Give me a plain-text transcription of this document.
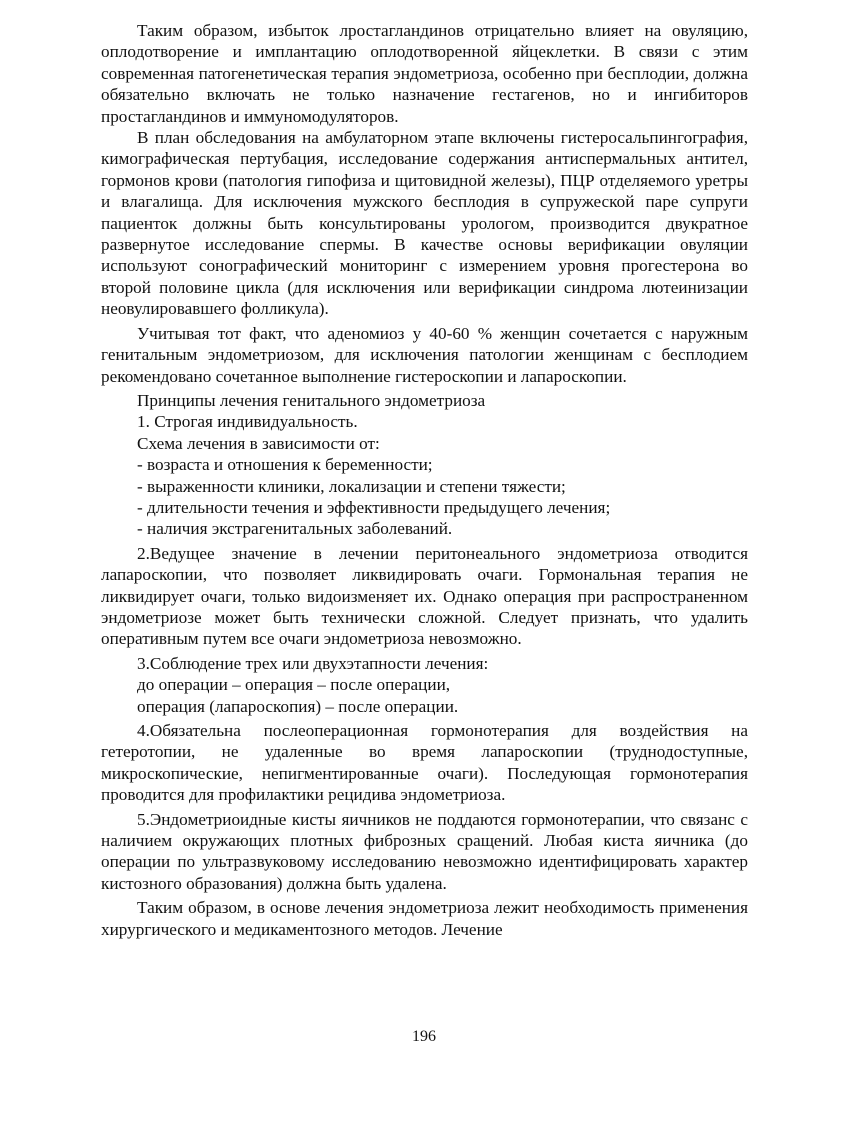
Таким образом, избыток лростагландинов отрицательно влияет на овуляцию, оплодотворение и имплантацию оплодотворенной яйцеклетки. В связи с этим современная патогенетическая терапия эндометриоза, особенно при бесплодии, должна обязательно включать не только назначение гестагенов, но и ингибиторов простагландинов и иммуномодуляторов.

В план обследования на амбулаторном этапе включены гистеросальпингография, кимографическая пертубация, исследование содержания антиспермальных антител, гормонов крови (патология гипофиза и щитовидной железы), ПЦР отделяемого уретры и влагалища. Для исключения мужского бесплодия в супружеской паре супруги пациенток должны быть консультированы урологом, производится двукратное развернутое исследование спермы. В качестве основы верификации овуляции используют сонографический мониторинг с измерением уровня прогестерона во второй половине цикла (для исключения или верификации синдрома лютеинизации неовулировавшего фолликула).

Учитывая тот факт, что аденомиоз у 40-60 % женщин сочетается с наружным генитальным эндометриозом, для исключения патологии женщинам с бесплодием рекомендовано сочетанное выполнение гистероскопии и лапароскопии.

Принципы лечения генитального эндометриоза

1. Строгая индивидуальность.

Схема лечения в зависимости от:

- возраста и отношения к беременности;

- выраженности клиники, локализации и степени тяжести;

- длительности течения и эффективности предыдущего лечения;

- наличия экстрагенитальных заболеваний.

2.Ведущее значение в лечении перитонеального эндометриоза отводится лапароскопии, что позволяет ликвидировать очаги. Гормональная терапия не ликвидирует очаги, только видоизменяет их. Однако операция при распространенном эндометриозе может быть технически сложной. Следует признать, что удалить оперативным путем все очаги эндометриоза невозможно.

3.Соблюдение трех или двухэтапности лечения:

до операции – операция – после операции,

операция (лапароскопия) – после операции.

4.Обязательна послеоперационная гормонотерапия для воздействия на гетеротопии, не удаленные во время лапароскопии (труднодоступные, микроскопические, непигментированные очаги). Последующая гормонотерапия проводится для профилактики рецидива эндометриоза.

5.Эндометриоидные кисты яичников не поддаются гормонотерапии, что связанс с наличием окружающих плотных фиброзных сращений. Любая киста яичника (до операции по ультразвуковому исследованию невозможно идентифицировать характер кистозного образования) должна быть удалена.

Таким образом, в основе лечения эндометриоза лежит необходимость применения хирургического и медикаментозного методов. Лечение

196
